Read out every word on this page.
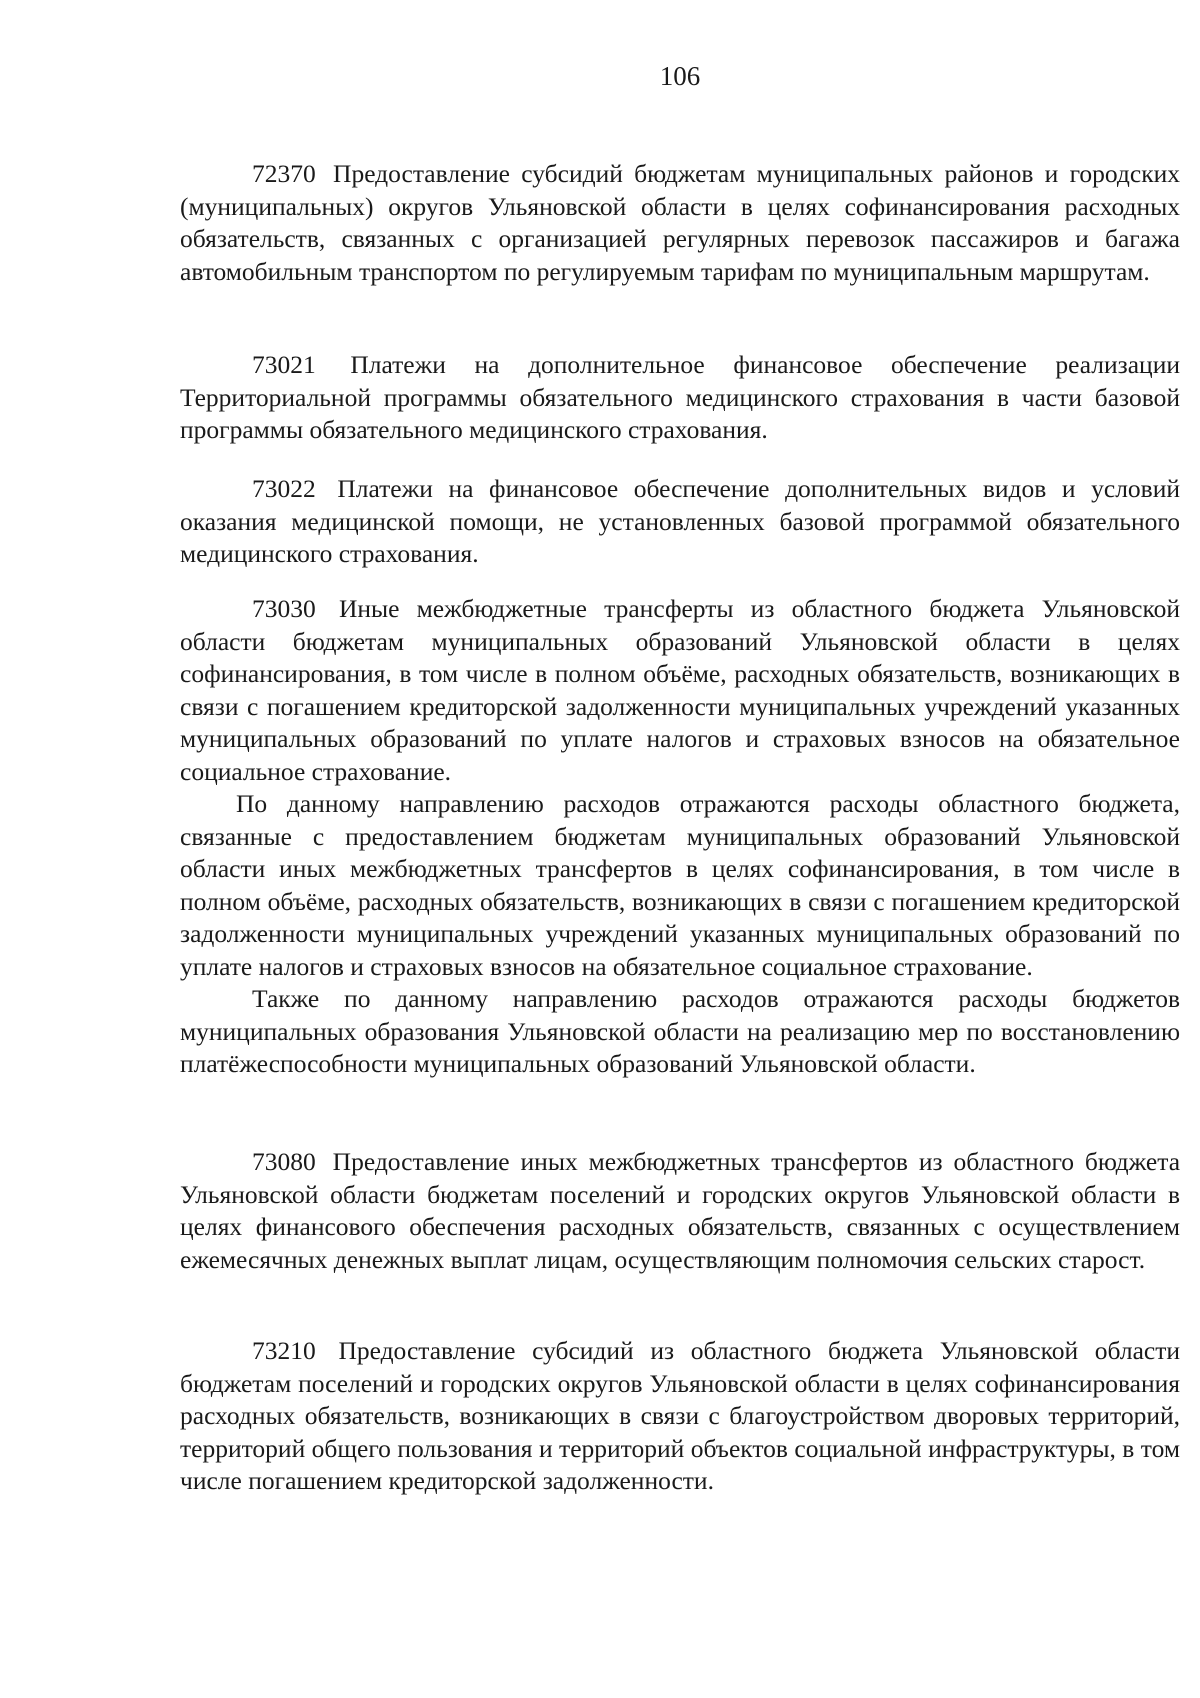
106

72370 Предоставление субсидий бюджетам муниципальных районов и городских (муниципальных) округов Ульяновской области в целях софинансирования расходных обязательств, связанных с организацией регулярных перевозок пассажиров и багажа автомобильным транспортом по регулируемым тарифам по муниципальным маршрутам.

73021 Платежи на дополнительное финансовое обеспечение реализации Территориальной программы обязательного медицинского страхования в части базовой программы обязательного медицинского страхования.

73022 Платежи на финансовое обеспечение дополнительных видов и условий оказания медицинской помощи, не установленных базовой программой обязательного медицинского страхования.

73030 Иные межбюджетные трансферты из областного бюджета Ульяновской области бюджетам муниципальных образований Ульяновской области в целях софинансирования, в том числе в полном объёме, расходных обязательств, возникающих в связи с погашением кредиторской задолженности муниципальных учреждений указанных муниципальных образований по уплате налогов и страховых взносов на обязательное социальное страхование.

По данному направлению расходов отражаются расходы областного бюджета, связанные с предоставлением бюджетам муниципальных образований Ульяновской области иных межбюджетных трансфертов в целях софинансирования, в том числе в полном объёме, расходных обязательств, возникающих в связи с погашением кредиторской задолженности муниципальных учреждений указанных муниципальных образований по уплате налогов и страховых взносов на обязательное социальное страхование.

Также по данному направлению расходов отражаются расходы бюджетов муниципальных образования Ульяновской области на реализацию мер по восстановлению платёжеспособности муниципальных образований Ульяновской области.

73080 Предоставление иных межбюджетных трансфертов из областного бюджета Ульяновской области бюджетам поселений и городских округов Ульяновской области в целях финансового обеспечения расходных обязательств, связанных с осуществлением ежемесячных денежных выплат лицам, осуществляющим полномочия сельских старост.

73210 Предоставление субсидий из областного бюджета Ульяновской области бюджетам поселений и городских округов Ульяновской области в целях софинансирования расходных обязательств, возникающих в связи с благоустройством дворовых территорий, территорий общего пользования и территорий объектов социальной инфраструктуры, в том числе погашением кредиторской задолженности.
